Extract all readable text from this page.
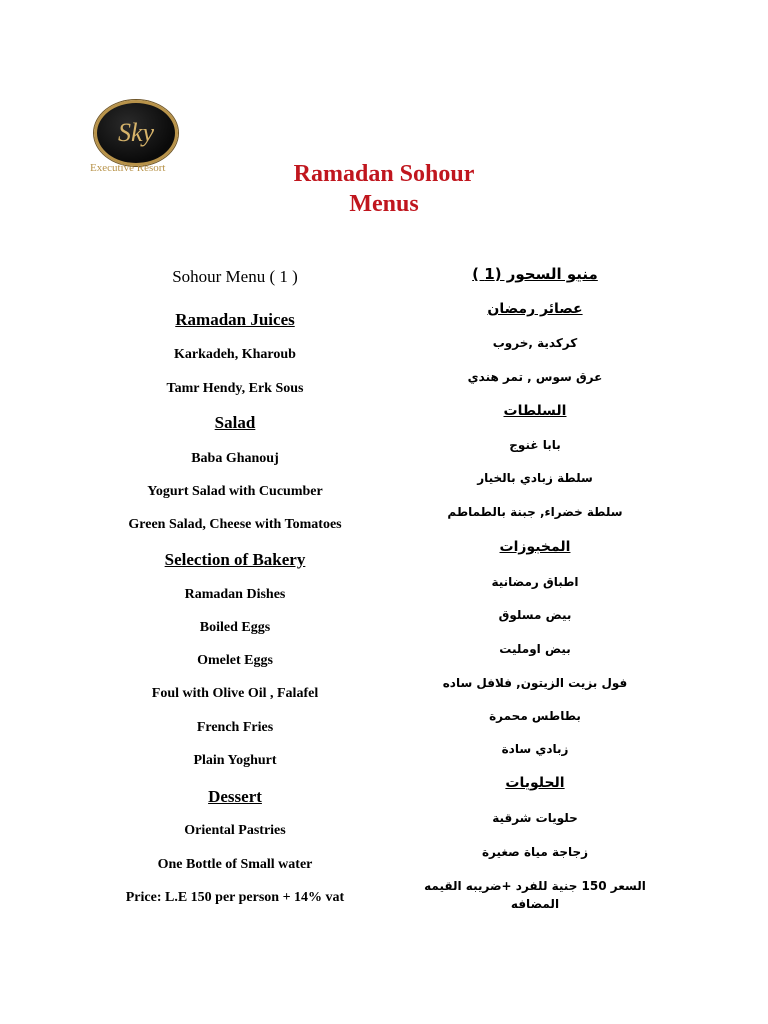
Sky
Executive Resort	Ramadan Sohour
Menus
Sohour Menu ( 1 )
Ramadan Juices
Karkadeh, Kharoub
Tamr Hendy, Erk Sous
Salad
Baba Ghanouj
Yogurt Salad with Cucumber
Green Salad, Cheese with Tomatoes
Selection of Bakery
Ramadan Dishes
Boiled Eggs
Omelet Eggs
Foul with Olive Oil , Falafel
French Fries
Plain Yoghurt
Dessert
Oriental Pastries
One Bottle of Small water
Price: L.E 150 per person + 14% vat
منيو السحور (1 )
عصائر رمضان
كركدية ,خروب
عرق سوس , تمر هندي
السلطات
بابا غنوج
سلطة زبادي بالخيار
سلطة خضراء, جبنة بالطماطم
المخبوزات
اطباق رمضانية
بيض مسلوق
بيض اومليت
فول بزيت الزيتون, فلافل ساده
بطاطس محمرة
زبادي سادة
الحلويات
حلويات شرقية
زجاجة مياة صغيرة
السعر 150 جنية للفرد +ضريبه القيمه المضافه
